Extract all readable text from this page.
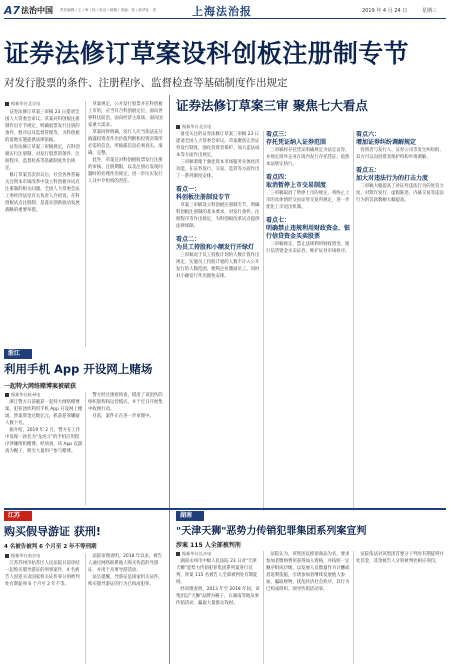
A7 法治中国 责任编辑 / 王 / 审 / 校 / 电话 / 邮箱 / 美编：张 / 新华社：张	上海法治报	2019 年 4 月 24 日	星期三
证券法修订草案设科创板注册制专节
对发行股票的条件、注册程序、监督检查等基础制度作出规定
据新华社北京电

证券法修订草案三审稿 23 日提请全国人大常委会审议。草案对科创板注册制作出专节规定，明确股票发行注册的条件、程序以及监督管理等，为科创板的落地实施提供法律依据。

证券法修订草案三审稿规定，在科创板实行注册制，对发行股票的条件、注册程序、监督检查等基础制度作出规定。

修订草案首次审议后，社会各界普遍关注资本市场改革中设立科创板并试点注册制的相关问题。全国人大常委会法工委经济法室有关负责人介绍说，在科创板试点注册制，是落实创新驱动发展战略的重要举措。

草案规定，公开发行股票并在科创板上市的，应当符合科创板定位，面向世界科技前沿、面向经济主战场、面向国家重大需求。

草案同时明确，发行人应当依法充分披露投资者作出价值判断和投资决策所必需的信息，所披露信息必须真实、准确、完整。

此外，草案还对科创板股票发行注册的审核、注册期限，以及注册后发现问题时的处理作出规定，进一步压实发行人及中介机构的责任。

证券法修订草案三审 聚焦七大看点
据新华社北京电

备受关注的证券法修订草案三审稿 23 日提请全国人大常委会审议。草案聚焦完善证券发行制度、强化投资者保护、加大违法成本等方面作出规定。

三审稿着眼于强化资本市场服务实体经济功能，在证券发行、交易、监管等方面作出了一系列制度安排。

看点一：
科创板注册制设专节

草案三审稿设立科创板注册制专节，明确科创板注册制的基本要求，对发行条件、注册程序等作出规定，为科创板改革试点提供法律保障。

看点二：
为员工持股和小额发行开绿灯

三审稿对于员工持股计划的人数计算作出规定，实施员工持股计划的人数不计入公开发行的人数范围，便利企业激励员工。同时对小额发行作出豁免安排。

看点三：
存托凭证纳入证券范围

三审稿将存托凭证明确规定为法定证券，并规定境外企业在境内发行存托凭证，依照本法规定执行。

看点四：
取消暂停上市交易制度

三审稿取消了暂停上市的规定，将终止上市的具体情形交由证券交易所规定，进一步优化上市退出机制。

看点七：
明确禁止违规利用财政资金、银行信贷资金买卖股票

三审稿规定，禁止违规利用财政资金、银行信贷资金买卖证券，维护证券市场秩序。

看点六：
增加证券纠纷调解规定

投资者与发行人、证券公司等发生纠纷的，双方可以向投资者保护机构申请调解。

看点五：
加大对违法行为的打击力度

三审稿大幅提高了对证券违法行为的处罚力度，对欺诈发行、虚假陈述、内幕交易等违法行为的罚款数额大幅提高。

浙江
利用手机 App 开设网上赌场
一起特大网络赌博案被破获
据新华社杭州电

浙江警方日前破获一起特大网络赌博案，犯罪团伙利用手机 App 开设网上赌场，涉案资金达数亿元，抓获犯罪嫌疑人数十名。

据介绍，2019 年 2 月，警方在工作中发现一款名为"龙虎斗"的手机应用程序涉嫌组织赌博。经侦查，该 App 以游戏为幌子，吸引大量用户参与赌博。

警方经过缜密侦查，摸清了该团伙的组织架构和运营模式，并于近日开展集中收网行动。

目前，案件正在进一步审理中。

江苏
购买假导游证 获刑!
4 名被告被判 6 个月至 2 年不等刑期
据新华社南京电

江苏苏州市姑苏区人民法院日前审结一起购买假导游证的刑事案件，4 名被告人因犯买卖国家机关证件罪分别被判处有期徒刑 6 个月至 2 年不等。

法院审理查明，2018 年以来，被告人通过网络联系他人购买伪造的导游证，并用于从事导游活动。

法官提醒，导游证是国家机关证件，购买假导游证的行为已构成犯罪。

湖南
"天津天狮"恶势力传销犯罪集团系列案宣判
涉案 115 人全部被判刑
据新华社长沙电

湖南永州市中级人民法院 23 日对"天津天狮"恶势力传销犯罪集团系列案进行宣判，涉案 115 名被告人全部被判处有期徒刑。

经审理查明，2013 年至 2018 年间，该集团以"天狮"品牌为幌子，在湖南等地从事传销活动，骗取大量群众钱财。

法院认为，该集团以推销商品为名，要求参加者缴纳费用获得加入资格，并按照一定顺序组成层级，以发展人员数量作为计酬或者返利依据，引诱参加者继续发展他人参加，骗取财物，扰乱经济社会秩序，其行为已构成组织、领导传销活动罪。

法院依法对该集团首要分子判处有期徒刑并处罚金，其余被告人分别被判处相应刑罚。
